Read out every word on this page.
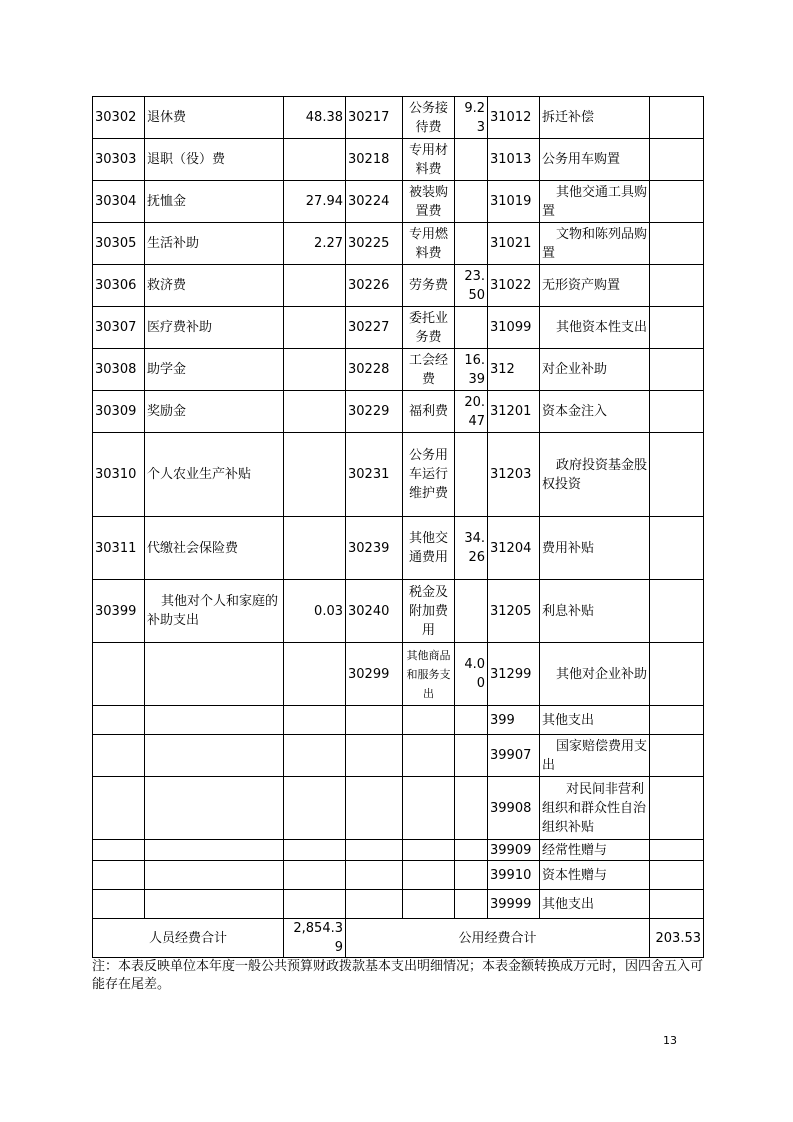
30302	退休费	48.38	30217	公务接待费	9.23	31012	拆迁补偿	
30303	退职（役）费		30218	专用材料费		31013	公务用车购置	
30304	抚恤金	27.94	30224	被装购置费		31019	其他交通工具购置	
30305	生活补助	2.27	30225	专用燃料费		31021	文物和陈列品购置	
30306	救济费		30226	劳务费	23.50	31022	无形资产购置	
30307	医疗费补助		30227	委托业务费		31099	其他资本性支出	
30308	助学金		30228	工会经费	16.39	312	对企业补助	
30309	奖励金		30229	福利费	20.47	31201	资本金注入	
30310	个人农业生产补贴		30231	公务用车运行维护费		31203	政府投资基金股权投资	
30311	代缴社会保险费		30239	其他交通费用	34.26	31204	费用补贴	
30399	其他对个人和家庭的补助支出	0.03	30240	税金及附加费用		31205	利息补贴	
			30299	其他商品和服务支出	4.00	31299	其他对企业补助	
						399	其他支出	
						39907	国家赔偿费用支出	
						39908	对民间非营利组织和群众性自治组织补贴	
						39909	经常性赠与	
						39910	资本性赠与	
						39999	其他支出	
人员经费合计		2,854.39	公用经费合计					203.53
注：本表反映单位本年度一般公共预算财政拨款基本支出明细情况；本表金额转换成万元时，因四舍五入可能存在尾差。
13
